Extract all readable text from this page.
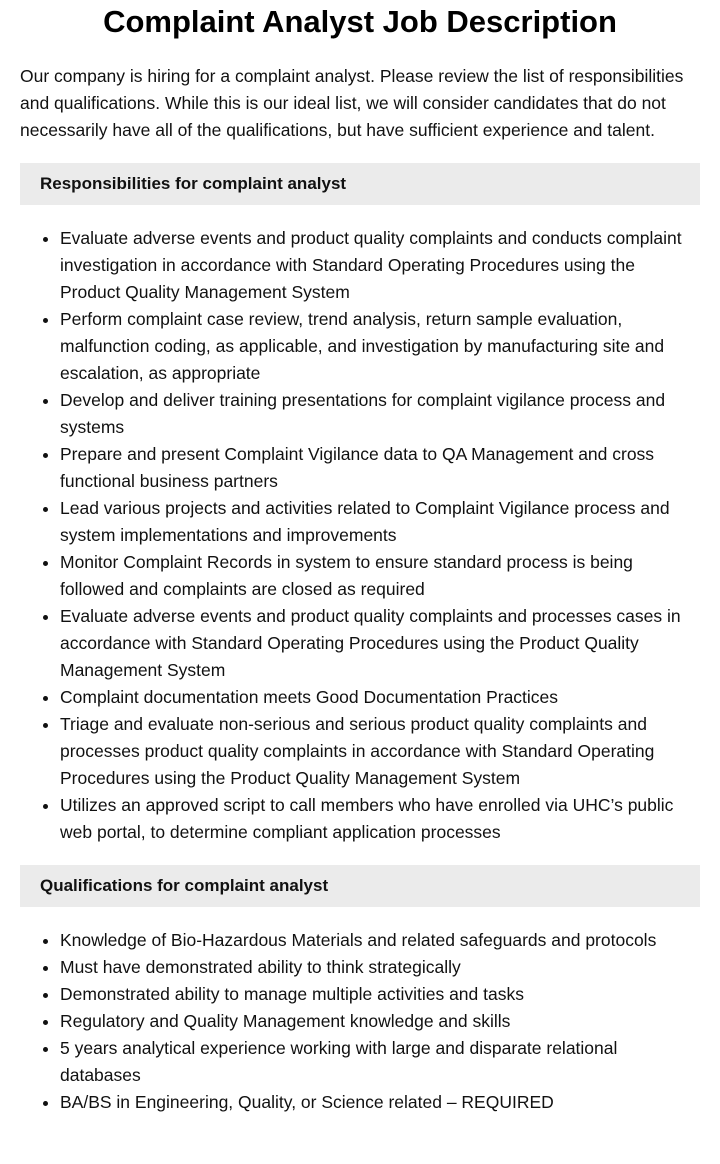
Complaint Analyst Job Description

Our company is hiring for a complaint analyst. Please review the list of responsibilities and qualifications. While this is our ideal list, we will consider candidates that do not necessarily have all of the qualifications, but have sufficient experience and talent.

Responsibilities for complaint analyst
• Evaluate adverse events and product quality complaints and conducts complaint investigation in accordance with Standard Operating Procedures using the Product Quality Management System
• Perform complaint case review, trend analysis, return sample evaluation, malfunction coding, as applicable, and investigation by manufacturing site and escalation, as appropriate
• Develop and deliver training presentations for complaint vigilance process and systems
• Prepare and present Complaint Vigilance data to QA Management and cross functional business partners
• Lead various projects and activities related to Complaint Vigilance process and system implementations and improvements
• Monitor Complaint Records in system to ensure standard process is being followed and complaints are closed as required
• Evaluate adverse events and product quality complaints and processes cases in accordance with Standard Operating Procedures using the Product Quality Management System
• Complaint documentation meets Good Documentation Practices
• Triage and evaluate non-serious and serious product quality complaints and processes product quality complaints in accordance with Standard Operating Procedures using the Product Quality Management System
• Utilizes an approved script to call members who have enrolled via UHC’s public web portal, to determine compliant application processes
Qualifications for complaint analyst
• Knowledge of Bio-Hazardous Materials and related safeguards and protocols
• Must have demonstrated ability to think strategically
• Demonstrated ability to manage multiple activities and tasks
• Regulatory and Quality Management knowledge and skills
• 5 years analytical experience working with large and disparate relational databases
• BA/BS in Engineering, Quality, or Science related – REQUIRED
